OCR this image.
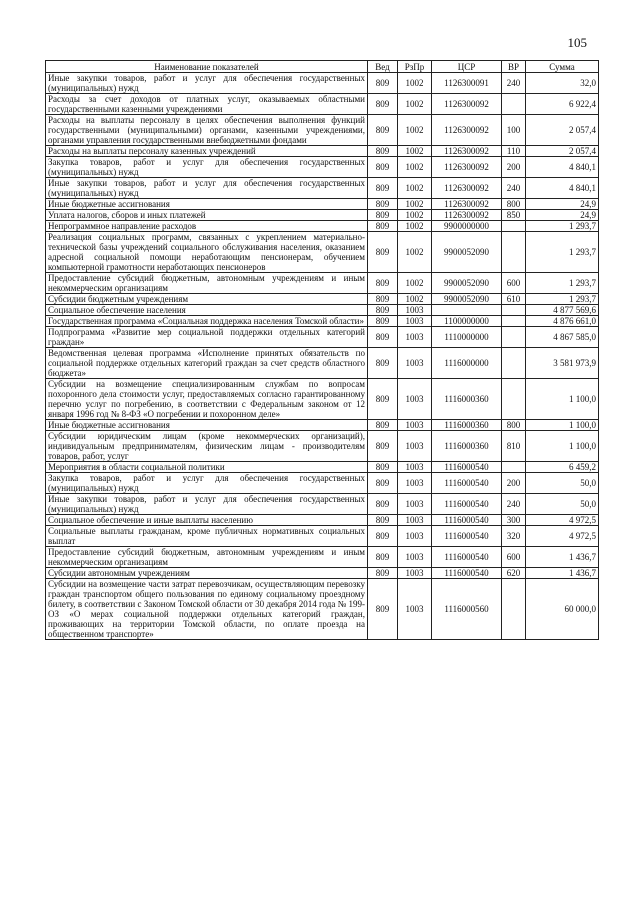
105
Наименование показателей	Вед	РзПр	ЦСР	ВР	Сумма
Иные закупки товаров, работ и услуг для обеспечения государственных (муниципальных) нужд	809	1002	1126300091	240	32,0
Расходы за счет доходов от платных услуг, оказываемых областными государственными казенными учреждениями	809	1002	1126300092		6 922,4
Расходы на выплаты персоналу в целях обеспечения выполнения функций государственными (муниципальными) органами, казенными учреждениями, органами управления государственными внебюджетными фондами	809	1002	1126300092	100	2 057,4
Расходы на выплаты персоналу казенных учреждений	809	1002	1126300092	110	2 057,4
Закупка товаров, работ и услуг для обеспечения государственных (муниципальных) нужд	809	1002	1126300092	200	4 840,1
Иные закупки товаров, работ и услуг для обеспечения государственных (муниципальных) нужд	809	1002	1126300092	240	4 840,1
Иные бюджетные ассигнования	809	1002	1126300092	800	24,9
Уплата налогов, сборов и иных платежей	809	1002	1126300092	850	24,9
Непрограммное направление расходов	809	1002	9900000000		1 293,7
Реализация социальных программ, связанных с укреплением материально-технической базы учреждений социального обслуживания населения, оказанием адресной социальной помощи неработающим пенсионерам, обучением компьютерной грамотности неработающих пенсионеров	809	1002	9900052090		1 293,7
Предоставление субсидий бюджетным, автономным учреждениям и иным некоммерческим организациям	809	1002	9900052090	600	1 293,7
Субсидии бюджетным учреждениям	809	1002	9900052090	610	1 293,7
Социальное обеспечение населения	809	1003			4 877 569,6
Государственная программа «Социальная поддержка населения Томской области»	809	1003	1100000000		4 876 661,0
Подпрограмма «Развитие мер социальной поддержки отдельных категорий граждан»	809	1003	1110000000		4 867 585,0
Ведомственная целевая программа «Исполнение принятых обязательств по социальной поддержке отдельных категорий граждан за счет средств областного бюджета»	809	1003	1116000000		3 581 973,9
Субсидии на возмещение специализированным службам по вопросам похоронного дела стоимости услуг, предоставляемых согласно гарантированному перечню услуг по погребению, в соответствии с Федеральным законом от 12 января 1996 год № 8-ФЗ «О погребении и похоронном деле»	809	1003	1116000360		1 100,0
Иные бюджетные ассигнования	809	1003	1116000360	800	1 100,0
Субсидии юридическим лицам (кроме некоммерческих организаций), индивидуальным предпринимателям, физическим лицам - производителям товаров, работ, услуг	809	1003	1116000360	810	1 100,0
Мероприятия в области социальной политики	809	1003	1116000540		6 459,2
Закупка товаров, работ и услуг для обеспечения государственных (муниципальных) нужд	809	1003	1116000540	200	50,0
Иные закупки товаров, работ и услуг для обеспечения государственных (муниципальных) нужд	809	1003	1116000540	240	50,0
Социальное обеспечение и иные выплаты населению	809	1003	1116000540	300	4 972,5
Социальные выплаты гражданам, кроме публичных нормативных социальных выплат	809	1003	1116000540	320	4 972,5
Предоставление субсидий бюджетным, автономным учреждениям и иным некоммерческим организациям	809	1003	1116000540	600	1 436,7
Субсидии автономным учреждениям	809	1003	1116000540	620	1 436,7
Субсидии на возмещение части затрат перевозчикам, осуществляющим перевозку граждан транспортом общего пользования по единому социальному проездному билету, в соответствии с Законом Томской области от 30 декабря 2014 года № 199-ОЗ «О мерах социальной поддержки отдельных категорий граждан, проживающих на территории Томской области, по оплате проезда на общественном транспорте»	809	1003	1116000560		60 000,0
